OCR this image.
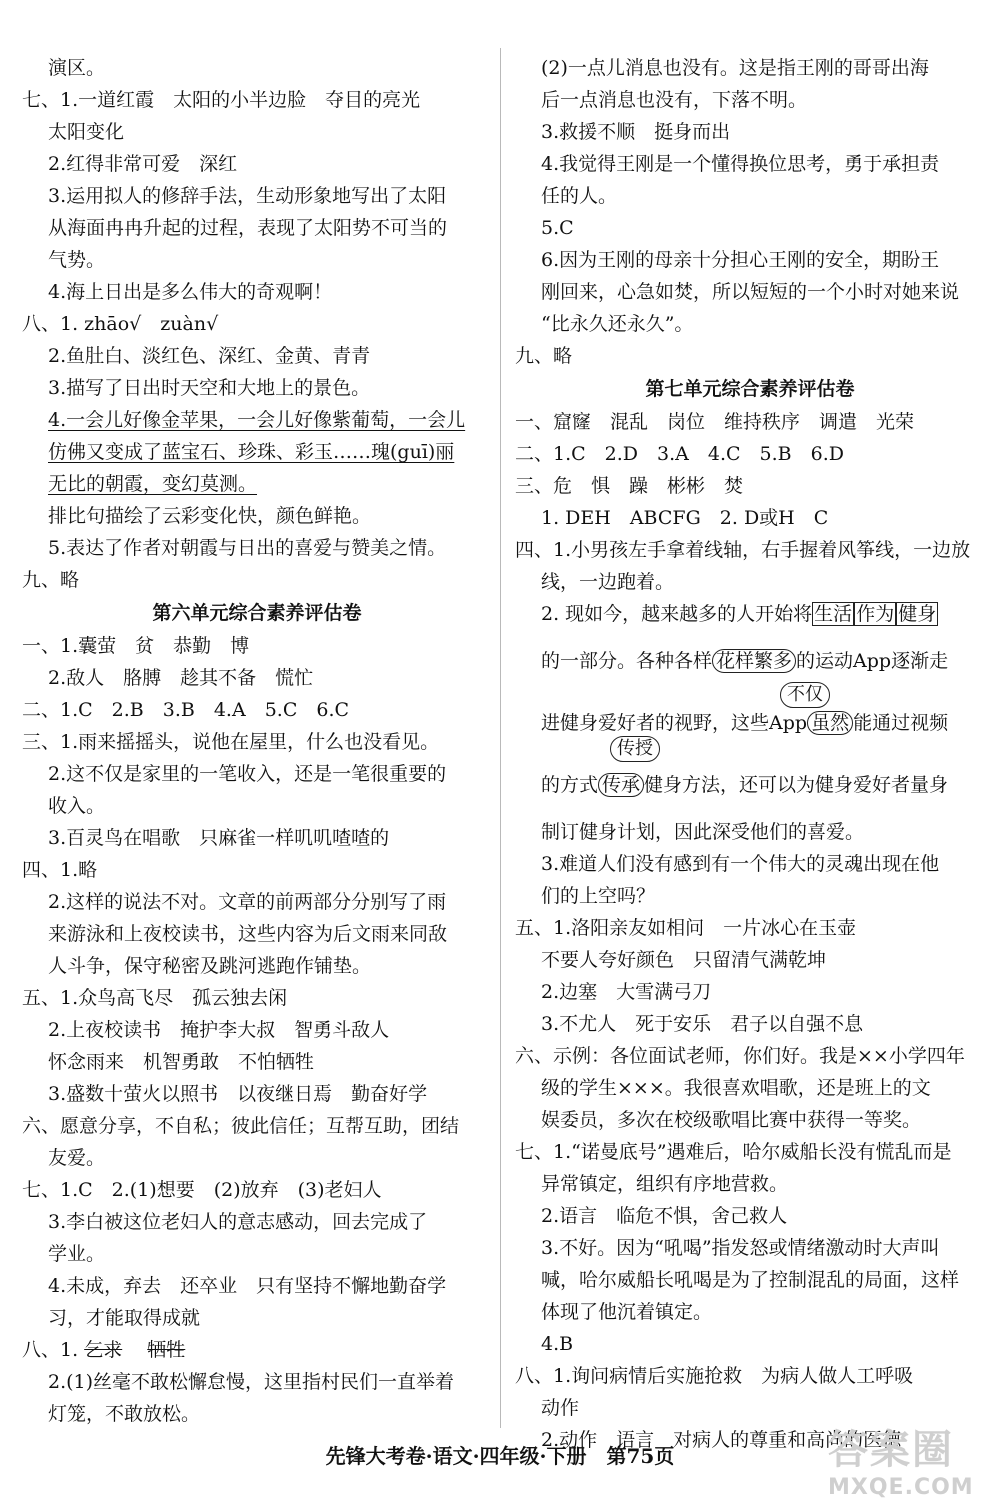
演区。
七、1.一道红霞　太阳的小半边脸　夺目的亮光
太阳变化
2.红得非常可爱　深红
3.运用拟人的修辞手法，生动形象地写出了太阳
从海面冉冉升起的过程，表现了太阳势不可当的
气势。
4.海上日出是多么伟大的奇观啊！
八、1. zhāo√　zuàn√
2.鱼肚白、淡红色、深红、金黄、青青
3.描写了日出时天空和大地上的景色。
4.一会儿好像金苹果，一会儿好像紫葡萄，一会儿
仿佛又变成了蓝宝石、珍珠、彩玉……瑰(guī)丽
无比的朝霞，变幻莫测。
排比句描绘了云彩变化快，颜色鲜艳。
5.表达了作者对朝霞与日出的喜爱与赞美之情。
九、略
第六单元综合素养评估卷
一、1.囊萤　贫　恭勤　博
2.敌人　胳膊　趁其不备　慌忙
二、1.C　2.B　3.B　4.A　5.C　6.C
三、1.雨来摇摇头，说他在屋里，什么也没看见。
2.这不仅是家里的一笔收入，还是一笔很重要的
收入。
3.百灵鸟在唱歌　只麻雀一样叽叽喳喳的
四、1.略
2.这样的说法不对。文章的前两部分分别写了雨
来游泳和上夜校读书，这些内容为后文雨来同敌
人斗争，保守秘密及跳河逃跑作铺垫。
五、1.众鸟高飞尽　孤云独去闲
2.上夜校读书　掩护李大叔　智勇斗敌人
怀念雨来　机智勇敢　不怕牺牲
3.盛数十萤火以照书　以夜继日焉　勤奋好学
六、愿意分享，不自私；彼此信任；互帮互助，团结
友爱。
七、1.C　2.(1)想要　(2)放弃　(3)老妇人
3.李白被这位老妇人的意志感动，回去完成了
学业。
4.未成，弃去　还卒业　只有坚持不懈地勤奋学
习，才能取得成就
八、1. 乞求　 牺牲
2.(1)丝毫不敢松懈怠慢，这里指村民们一直举着
灯笼，不敢放松。
(2)一点儿消息也没有。这是指王刚的哥哥出海
后一点消息也没有，下落不明。
3.救援不顺　挺身而出
4.我觉得王刚是一个懂得换位思考，勇于承担责
任的人。
5.C
6.因为王刚的母亲十分担心王刚的安全，期盼王
刚回来，心急如焚，所以短短的一个小时对她来说
“比永久还永久”。
九、略
第七单元综合素养评估卷
一、窟窿　混乱　岗位　维持秩序　调遣　光荣
二、1.C　2.D　3.A　4.C　5.B　6.D
三、危　惧　躁　彬彬　焚
1. DEH　ABCFG　2. D或H　C
四、1.小男孩左手拿着线轴，右手握着风筝线，一边放
线，一边跑着。
2. 现如今，越来越多的人开始将 生活 作为 健身
的一部分。各种各样 花样繁多 的运动App逐渐走
进健身爱好者的视野，这些App 虽然 能通过视频
的方式 传承 健身方法，还可以为健身爱好者量身
制订健身计划，因此深受他们的喜爱。
3.难道人们没有感到有一个伟大的灵魂出现在他
们的上空吗？
五、1.洛阳亲友如相问　一片冰心在玉壶
不要人夸好颜色　只留清气满乾坤
2.边塞　大雪满弓刀
3.不尤人　死于安乐　君子以自强不息
六、示例：各位面试老师，你们好。我是××小学四年
级的学生×××。我很喜欢唱歌，还是班上的文
娱委员，多次在校级歌唱比赛中获得一等奖。
七、1.“诺曼底号”遇难后，哈尔威船长没有慌乱而是
异常镇定，组织有序地营救。
2.语言　临危不惧，舍己救人
3.不好。因为“吼喝”指发怒或情绪激动时大声叫
喊，哈尔威船长吼喝是为了控制混乱的局面，这样
体现了他沉着镇定。
4.B
八、1.询问病情后实施抢救　为病人做人工呼吸
动作
2.动作　语言　对病人的尊重和高尚的医德
不仅
传授
先锋大考卷·语文·四年级·下册　第75页	答案圈
MXQE.COM
